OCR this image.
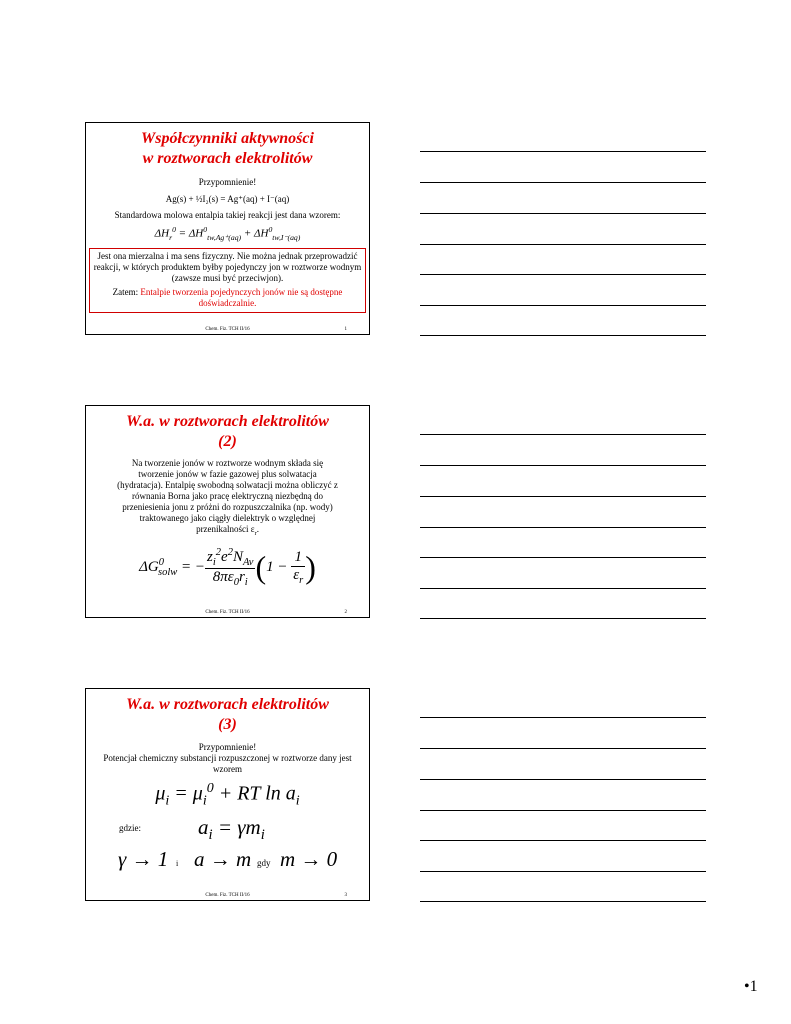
Współczynniki aktywności
w roztworach elektrolitów
Przypomnienie!
Ag(s) + ½I₂(s) = Ag⁺(aq) + I⁻(aq)
Standardowa molowa entalpia takiej reakcji jest dana wzorem:
$\Delta H_r^0 = \Delta H^0_{tw,Ag^+(aq)} + \Delta H^0_{tw,I^-(aq)}$
Jest ona mierzalna i ma sens fizyczny. Nie można jednak przeprowadzić reakcji, w których produktem byłby pojedynczy jon w roztworze wodnym (zawsze musi być przeciwjon).
Zatem: Entalpie tworzenia pojedynczych jonów nie są dostępne doświadczalnie.
Chem. Fiz. TCH II/16	1
W.a. w roztworach elektrolitów
(2)
Na tworzenie jonów w roztworze wodnym składa się tworzenie jonów w fazie gazowej plus solwatacja (hydratacja). Entalpię swobodną solwatacji można obliczyć z równania Borna jako pracę elektryczną niezbędną do przeniesienia jonu z próżni do rozpuszczalnika (np. wody) traktowanego jako ciągły dielektryk o względnej przenikalności $\varepsilon_r$.
$\Delta G^0_{solw}$ = − $\frac{z_i^2e^2N_{Av}}{8\pi\varepsilon_0r_i} (1 - \frac{1}{\varepsilon_r}$ )
Chem. Fiz. TCH II/16	2
W.a. w roztworach elektrolitów
(3)
Przypomnienie!
Potencjał chemiczny substancji rozpuszczonej w roztworze dany jest wzorem
$\mu_i = \mu_i^0$ + RT $\ln a_i$
gdzie:	$a_i = \gamma m_i$
γ → 1 i a → m gdy m → 0
Chem. Fiz. TCH II/16	3
•1
